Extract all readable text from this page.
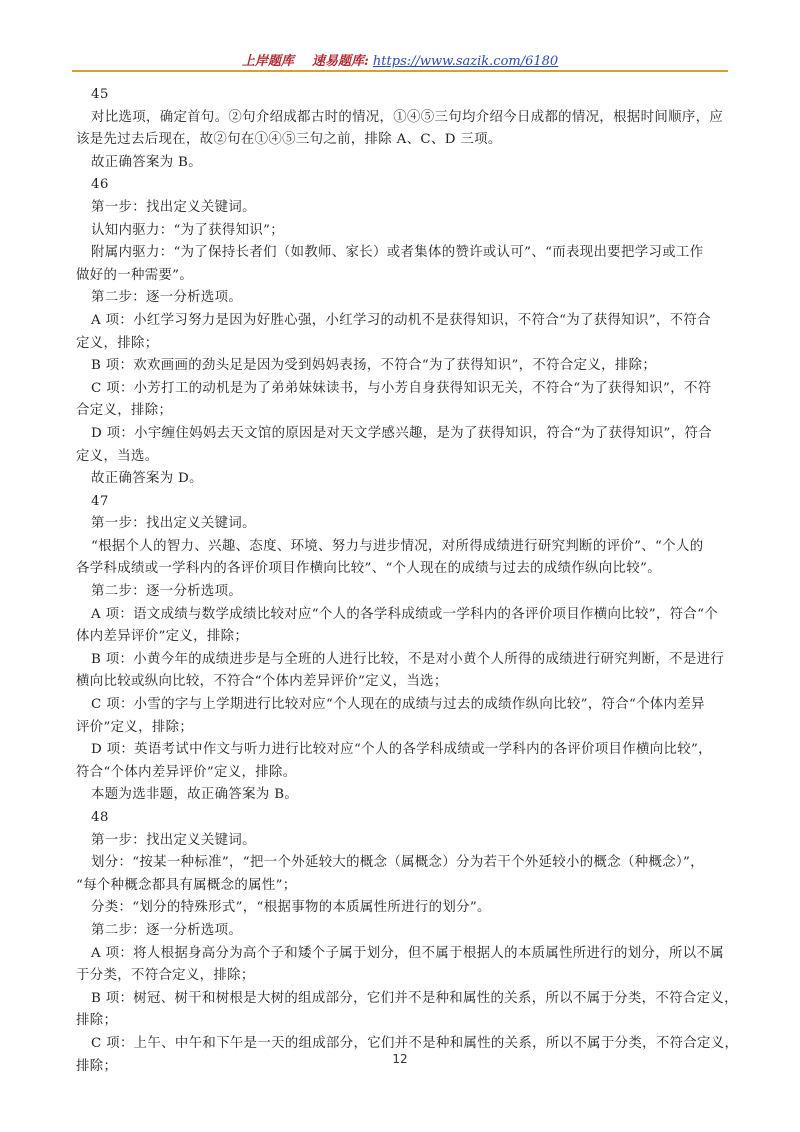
上岸题库 速易题库: https://www.sazik.com/6180
45
对比选项，确定首句。②句介绍成都古时的情况，①④⑤三句均介绍今日成都的情况，根据时间顺序，应
该是先过去后现在，故②句在①④⑤三句之前，排除 A、C、D 三项。
故正确答案为 B。
46
第一步：找出定义关键词。
认知内驱力：“为了获得知识”；
附属内驱力：“为了保持长者们（如教师、家长）或者集体的赞许或认可”、“而表现出要把学习或工作
做好的一种需要”。
第二步：逐一分析选项。
A 项：小红学习努力是因为好胜心强，小红学习的动机不是获得知识，不符合“为了获得知识”，不符合
定义，排除；
B 项：欢欢画画的劲头足是因为受到妈妈表扬，不符合“为了获得知识”，不符合定义，排除；
C 项：小芳打工的动机是为了弟弟妹妹读书，与小芳自身获得知识无关，不符合“为了获得知识”，不符
合定义，排除；
D 项：小宇缠住妈妈去天文馆的原因是对天文学感兴趣，是为了获得知识，符合“为了获得知识”，符合
定义，当选。
故正确答案为 D。
47
第一步：找出定义关键词。
“根据个人的智力、兴趣、态度、环境、努力与进步情况，对所得成绩进行研究判断的评价”、“个人的
各学科成绩或一学科内的各评价项目作横向比较”、“个人现在的成绩与过去的成绩作纵向比较”。
第二步：逐一分析选项。
A 项：语文成绩与数学成绩比较对应“个人的各学科成绩或一学科内的各评价项目作横向比较”，符合“个
体内差异评价”定义，排除；
B 项：小黄今年的成绩进步是与全班的人进行比较，不是对小黄个人所得的成绩进行研究判断，不是进行
横向比较或纵向比较，不符合“个体内差异评价”定义，当选；
C 项：小雪的字与上学期进行比较对应“个人现在的成绩与过去的成绩作纵向比较”，符合“个体内差异
评价”定义，排除；
D 项：英语考试中作文与听力进行比较对应“个人的各学科成绩或一学科内的各评价项目作横向比较”，
符合“个体内差异评价”定义，排除。
本题为选非题，故正确答案为 B。
48
第一步：找出定义关键词。
划分：“按某一种标准”，“把一个外延较大的概念（属概念）分为若干个外延较小的概念（种概念）”，
“每个种概念都具有属概念的属性”；
分类：“划分的特殊形式”，“根据事物的本质属性所进行的划分”。
第二步：逐一分析选项。
A 项：将人根据身高分为高个子和矮个子属于划分，但不属于根据人的本质属性所进行的划分，所以不属
于分类，不符合定义，排除；
B 项：树冠、树干和树根是大树的组成部分，它们并不是种和属性的关系，所以不属于分类，不符合定义，
排除；
C 项：上午、中午和下午是一天的组成部分，它们并不是种和属性的关系，所以不属于分类，不符合定义，
排除；	12
